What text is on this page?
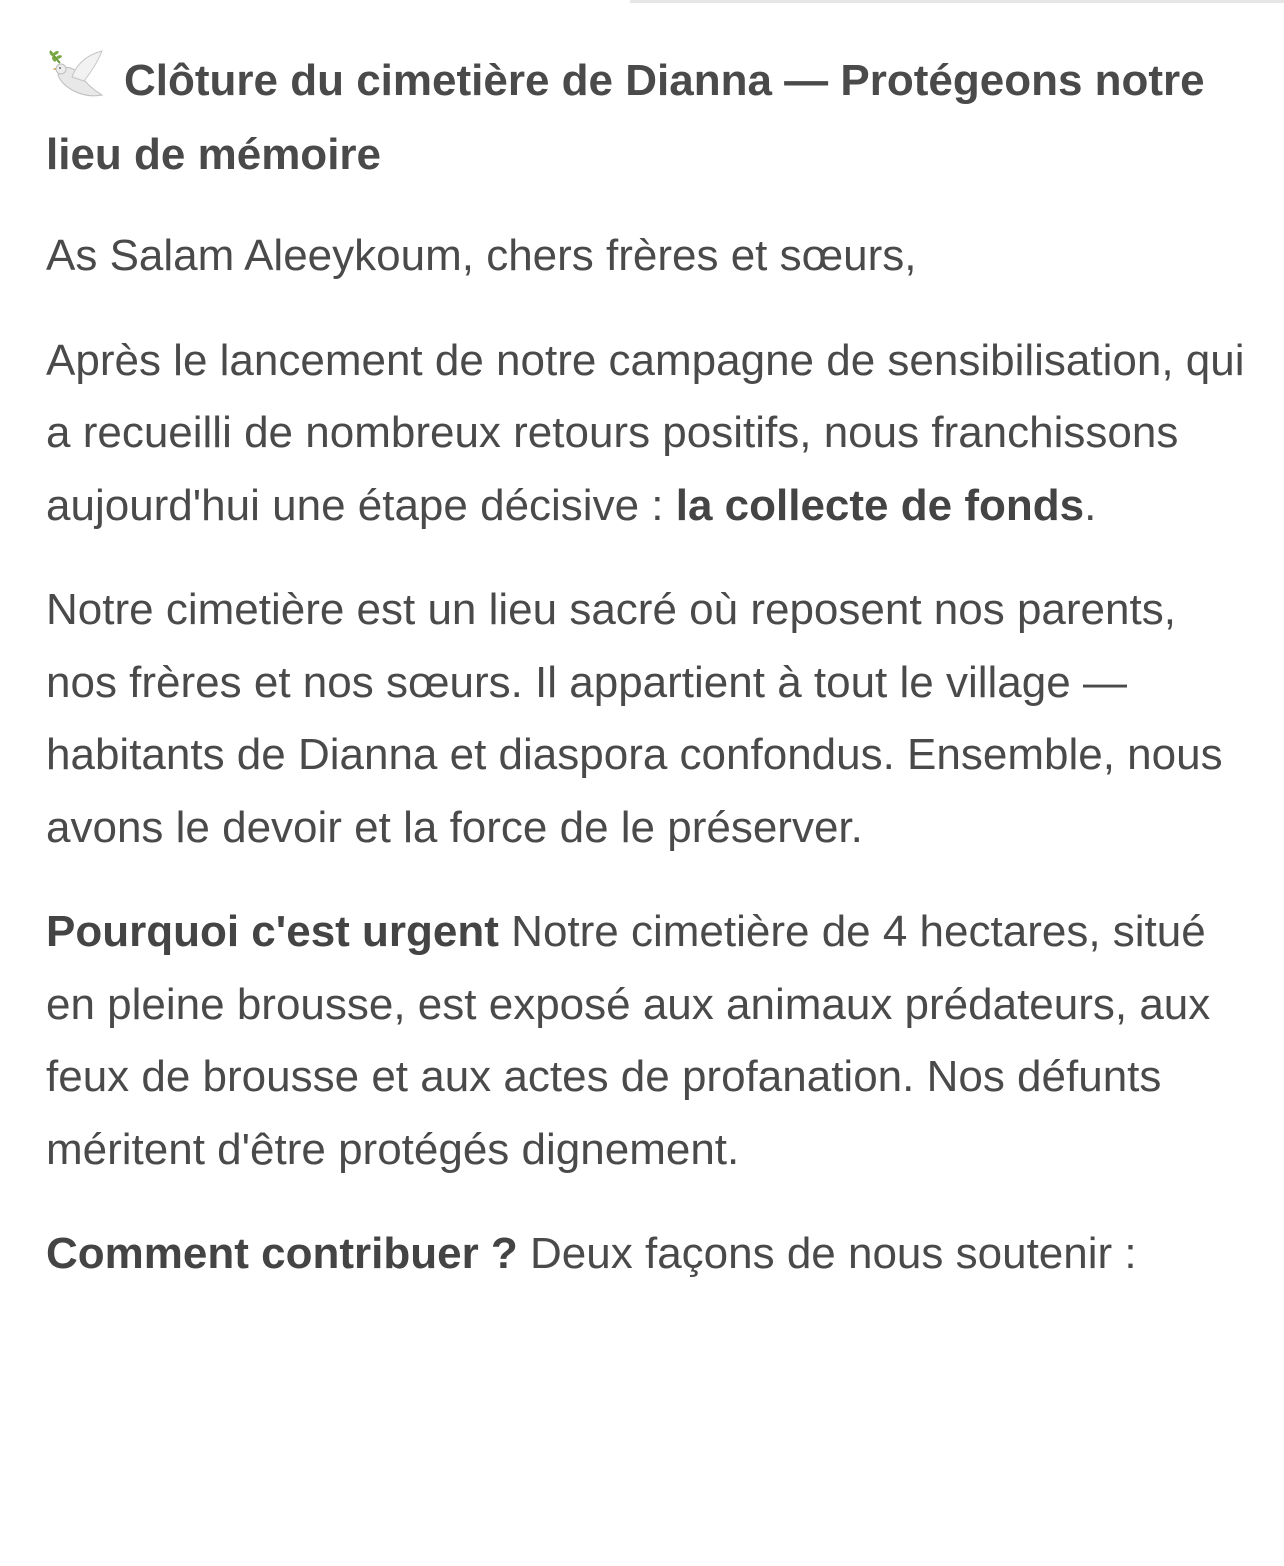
Clôture du cimetière de Dianna — Protégeons notre lieu de mémoire

As Salam Aleeykoum, chers frères et sœurs,

Après le lancement de notre campagne de sensibilisation, qui a recueilli de nombreux retours positifs, nous franchissons aujourd'hui une étape décisive : la collecte de fonds.

Notre cimetière est un lieu sacré où reposent nos parents, nos frères et nos sœurs. Il appartient à tout le village — habitants de Dianna et diaspora confondus. Ensemble, nous avons le devoir et la force de le préserver.

Pourquoi c'est urgent Notre cimetière de 4 hectares, situé en pleine brousse, est exposé aux animaux prédateurs, aux feux de brousse et aux actes de profanation. Nos défunts méritent d'être protégés dignement.

Comment contribuer ? Deux façons de nous soutenir :
